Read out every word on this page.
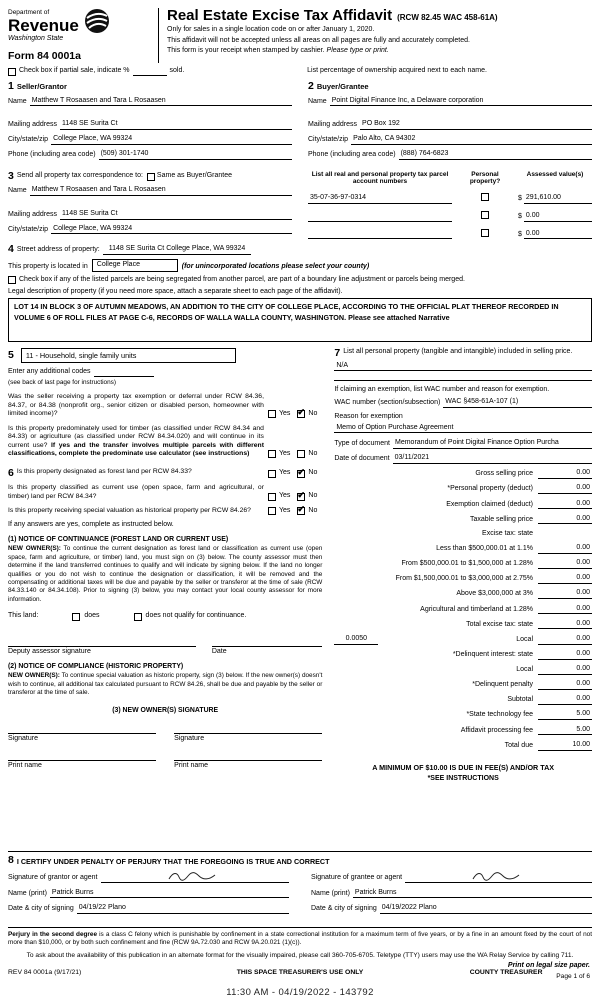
Department of
Revenue
Washington State
Form 84 0001a
Real Estate Excise Tax Affidavit (RCW 82.45 WAC 458-61A)
Only for sales in a single location code on or after January 1, 2020.
This affidavit will not be accepted unless all areas on all pages are fully and accurately completed.
This form is your receipt when stamped by cashier. Please type or print.
Check box if partial sale, indicate %	sold.	List percentage of ownership acquired next to each name.
1 Seller/Grantor
Name Matthew T Rosaasen and Tara L Rosaasen
Mailing address 1148 SE Surita Ct
City/state/zip College Place, WA 99324
Phone (including area code) (509) 301-1740
2 Buyer/Grantee
Name Point Digital Finance Inc, a Delaware corporation
Mailing address PO Box 192
City/state/zip Palo Alto, CA 94302
Phone (including area code) (888) 764-6823
3 Send all property tax correspondence to: Same as Buyer/Grantee
Name Matthew T Rosaasen and Tara L Rosaasen
Mailing address 1148 SE Surita Ct
City/state/zip College Place, WA 99324
List all real and personal property tax parcel account numbers
Personal property?
Assessed value(s)
35-07-36-97-0314	$ 291,610.00
$ 0.00
$ 0.00
4 Street address of property:	1148 SE Surita Ct College Place, WA 99324
This property is located in	College Place	(for unincorporated locations please select your county)
Check box if any of the listed parcels are being segregated from another parcel, are part of a boundary line adjustment or parcels being merged.
Legal description of property (if you need more space, attach a separate sheet to each page of the affidavit).
LOT 14 IN BLOCK 3 OF AUTUMN MEADOWS, AN ADDITION TO THE CITY OF COLLEGE PLACE, ACCORDING TO THE OFFICIAL PLAT THEREOF RECORDED IN VOLUME 6 OF ROLL FILES AT PAGE C-6, RECORDS OF WALLA WALLA COUNTY, WASHINGTON. Please see attached Narrative
5	11 - Household, single family units
Enter any additional codes
(see back of last page for instructions)
Was the seller receiving a property tax exemption or deferral under RCW 84.36, 84.37, or 84.38 (nonprofit org., senior citizen or disabled person, homeowner with limited income)?	Yes ✔ No
Is this property predominately used for timber (as classified under RCW 84.34 and 84.33) or agriculture (as classified under RCW 84.34.020) and will continue in its current use? If yes and the transfer involves multiple parcels with different classifications, complete the predominate use calculator (see instructions)	Yes	No
6 Is this property designated as forest land per RCW 84.33?	Yes ✔ No
Is this property classified as current use (open space, farm and agricultural, or timber) land per RCW 84.34?	Yes ✔ No
Is this property receiving special valuation as historical property per RCW 84.26?	Yes ✔ No
If any answers are yes, complete as instructed below.
(1) NOTICE OF CONTINUANCE (FOREST LAND OR CURRENT USE)
NEW OWNER(S): To continue the current designation as forest land or classification as current use (open space, farm and agriculture, or timber) land, you must sign on (3) below. The county assessor must then determine if the land transferred continues to qualify and will indicate by signing below. If the land no longer qualifies or you do not wish to continue the designation or classification, it will be removed and the compensating or additional taxes will be due and payable by the seller or transferor at the time of sale (RCW 84.33.140 or 84.34.108). Prior to signing (3) below, you may contact your local county assessor for more information.
This land:	does	does not qualify for continuance.
Deputy assessor signature	Date
(2) NOTICE OF COMPLIANCE (HISTORIC PROPERTY)
NEW OWNER(S): To continue special valuation as historic property, sign (3) below. If the new owner(s) doesn't wish to continue, all additional tax calculated pursuant to RCW 84.26, shall be due and payable by the seller or transferor at the time of sale.
(3) NEW OWNER(S) SIGNATURE
Signature	Signature
Print name	Print name
7 List all personal property (tangible and intangible) included in selling price.
N/A
If claiming an exemption, list WAC number and reason for exemption.
WAC number (section/subsection) WAC §458-61A-107 (1)
Reason for exemption
Memo of Option Purchase Agreement
Type of document Memorandum of Point Digital Finance Option Purcha
Date of document 03/11/2021
Gross selling price	0.00
*Personal property (deduct)	0.00
Exemption claimed (deduct)	0.00
Taxable selling price	0.00
Excise tax: state
Less than $500,000.01 at 1.1%	0.00
From $500,000.01 to $1,500,000 at 1.28%	0.00
From $1,500,000.01 to $3,000,000 at 2.75%	0.00
Above $3,000,000 at 3%	0.00
Agricultural and timberland at 1.28%	0.00
Total excise tax: state	0.00
0.0050	Local	0.00
*Delinquent interest: state	0.00
Local	0.00
*Delinquent penalty	0.00
Subtotal	0.00
*State technology fee	5.00
Affidavit processing fee	5.00
Total due	10.00
A MINIMUM OF $10.00 IS DUE IN FEE(S) AND/OR TAX
*SEE INSTRUCTIONS
8 I CERTIFY UNDER PENALTY OF PERJURY THAT THE FOREGOING IS TRUE AND CORRECT
Signature of grantor or agent
Name (print) Patrick Burns
Date & city of signing 04/19/22 Plano
Signature of grantee or agent
Name (print) Patrick Burns
Date & city of signing 04/19/2022 Plano
Perjury in the second degree is a class C felony which is punishable by confinement in a state correctional institution for a maximum term of five years, or by a fine in an amount fixed by the court of not more than $10,000, or by both such confinement and fine (RCW 9A.72.030 and RCW 9A.20.021 (1)(c)).
To ask about the availability of this publication in an alternate format for the visually impaired, please call 360-705-6705. Teletype (TTY) users may use the WA Relay Service by calling 711.
REV 84 0001a (9/17/21)	THIS SPACE TREASURER'S USE ONLY	COUNTY TREASURER
11:30 AM - 04/19/2022 - 143792
Print on legal size paper.
Page 1 of 6
